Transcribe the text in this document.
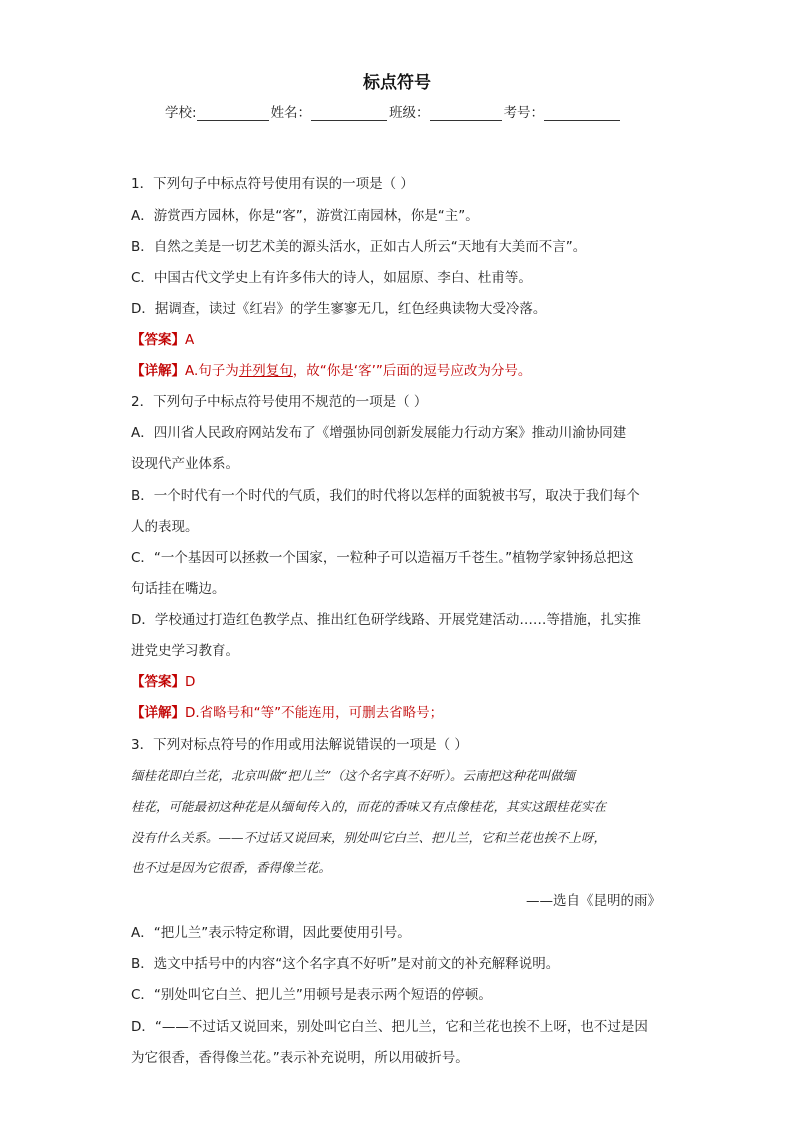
标点符号
学校:	姓名：	班级：	考号：
1．下列句子中标点符号使用有误的一项是（ ）
A．游赏西方园林，你是“客”，游赏江南园林，你是“主”。
B．自然之美是一切艺术美的源头活水，正如古人所云“天地有大美而不言”。
C．中国古代文学史上有许多伟大的诗人，如屈原、李白、杜甫等。
D．据调查，读过《红岩》的学生寥寥无几，红色经典读物大受冷落。
【答案】A
【详解】A.句子为并列复句，故“你是‘客’”后面的逗号应改为分号。
2．下列句子中标点符号使用不规范的一项是（ ）
A．四川省人民政府网站发布了《增强协同创新发展能力行动方案》推动川渝协同建
设现代产业体系。
B．一个时代有一个时代的气质，我们的时代将以怎样的面貌被书写，取决于我们每个
人的表现。
C．“一个基因可以拯救一个国家，一粒种子可以造福万千苍生。”植物学家钟扬总把这
句话挂在嘴边。
D．学校通过打造红色教学点、推出红色研学线路、开展党建活动……等措施，扎实推
进党史学习教育。
【答案】D
【详解】D.省略号和“等”不能连用，可删去省略号；
3．下列对标点符号的作用或用法解说错误的一项是（ ）
缅桂花即白兰花，北京叫做“把儿兰”（这个名字真不好听）。云南把这种花叫做缅
桂花，可能最初这种花是从缅甸传入的，而花的香味又有点像桂花，其实这跟桂花实在
没有什么关系。——不过话又说回来，别处叫它白兰、把儿兰，它和兰花也挨不上呀，
也不过是因为它很香，香得像兰花。
——选自《昆明的雨》
A．“把儿兰”表示特定称谓，因此要使用引号。
B．选文中括号中的内容“这个名字真不好听”是对前文的补充解释说明。
C．“别处叫它白兰、把儿兰”用顿号是表示两个短语的停顿。
D．“——不过话又说回来，别处叫它白兰、把儿兰，它和兰花也挨不上呀，也不过是因
为它很香，香得像兰花。”表示补充说明，所以用破折号。
